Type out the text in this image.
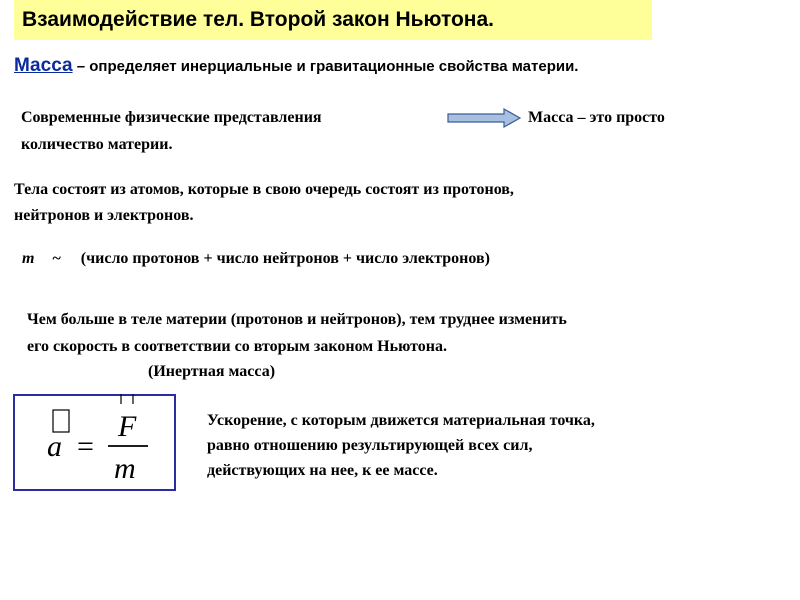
Взаимодействие тел. Второй закон Ньютона.
Масса – определяет инерциальные и гравитационные свойства материи.
Современные физические представления	Масса – это просто
количество материи.
Тела состоят из атомов, которые в свою очередь состоят из протонов,
нейтронов и электронов.
m ~ (число протонов + число нейтронов + число электронов)
Чем больше в теле материи (протонов и нейтронов), тем труднее изменить
его скорость в соответствии со вторым законом Ньютона.
(Инертная масса)
a =
F
m
Ускорение, с которым движется материальная точка,
равно отношению результирующей всех сил,
действующих на нее, к ее массе.
